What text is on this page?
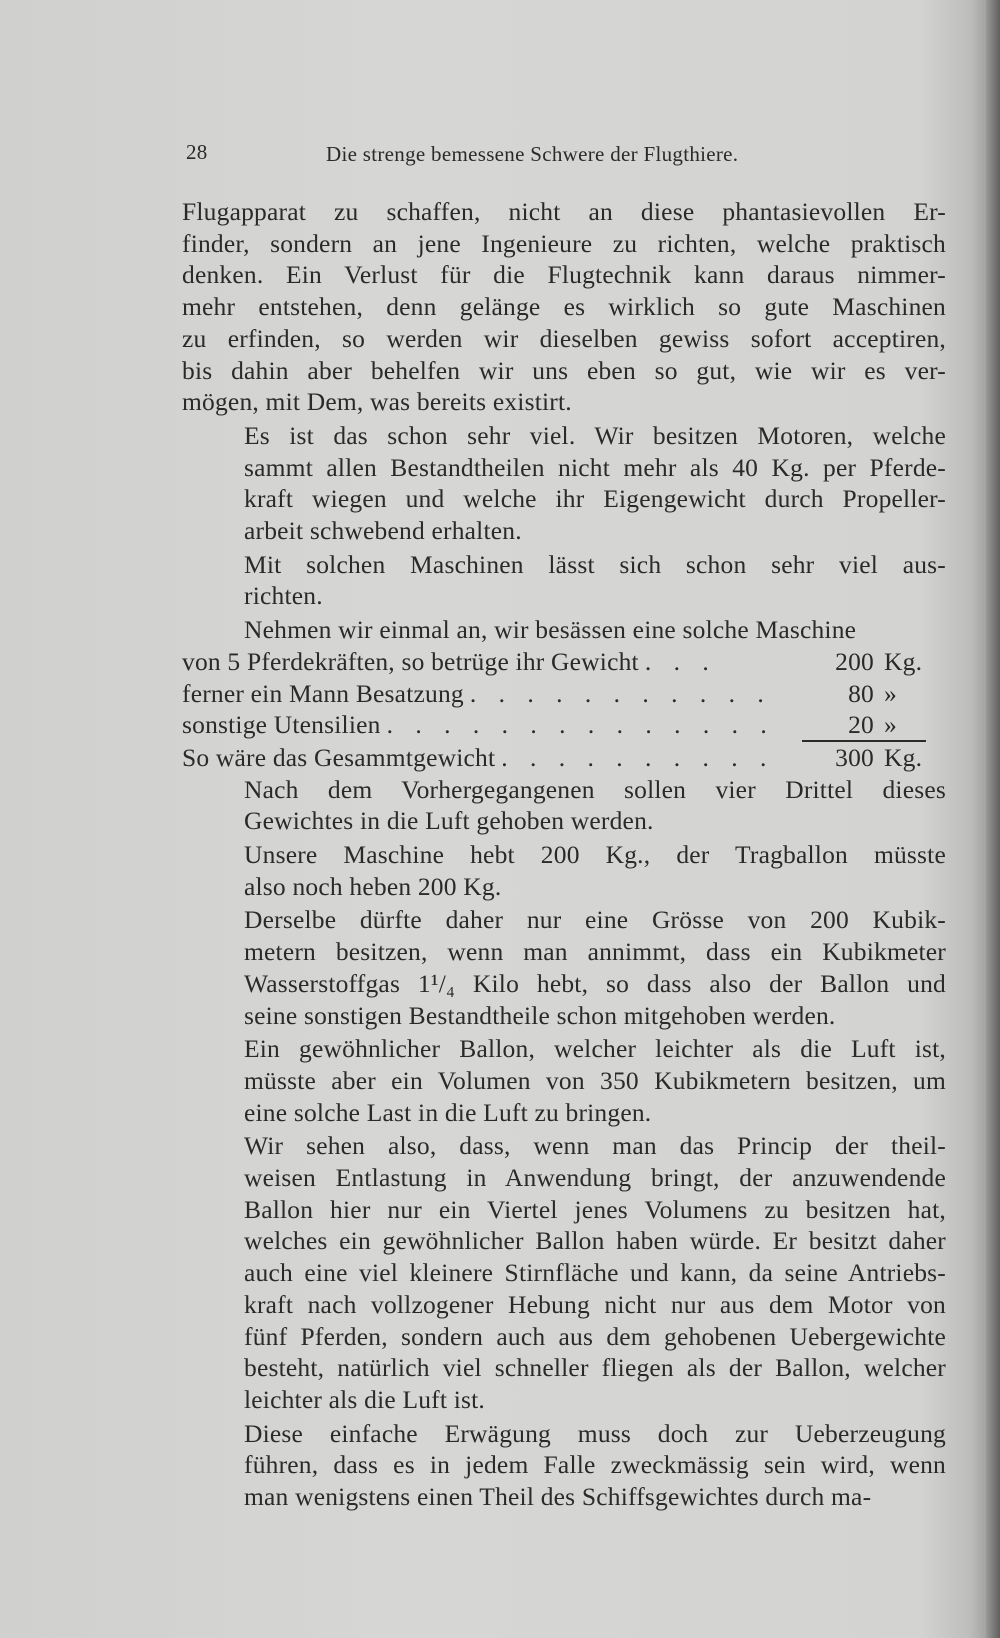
28	Die strenge bemessene Schwere der Flugthiere.
Flugapparat zu schaffen, nicht an diese phantasievollen Er-
finder, sondern an jene Ingenieure zu richten, welche praktisch
denken. Ein Verlust für die Flugtechnik kann daraus nimmer-
mehr entstehen, denn gelänge es wirklich so gute Maschinen
zu erfinden, so werden wir dieselben gewiss sofort acceptiren,
bis dahin aber behelfen wir uns eben so gut, wie wir es ver-
mögen, mit Dem, was bereits existirt.
Es ist das schon sehr viel. Wir besitzen Motoren, welche
sammt allen Bestandtheilen nicht mehr als 40 Kg. per Pferde-
kraft wiegen und welche ihr Eigengewicht durch Propeller-
arbeit schwebend erhalten.
Mit solchen Maschinen lässt sich schon sehr viel aus-
richten.
Nehmen wir einmal an, wir besässen eine solche Maschine
von 5 Pferdekräften, so betrüge ihr Gewicht . . .	200 Kg.
ferner ein Mann Besatzung . . . . . . . . . . .	80 »
sonstige Utensilien . . . . . . . . . . . . . .	20 »
So wäre das Gesammtgewicht . . . . . . . . . .	300 Kg.
Nach dem Vorhergegangenen sollen vier Drittel dieses
Gewichtes in die Luft gehoben werden.
Unsere Maschine hebt 200 Kg., der Tragballon müsste
also noch heben 200 Kg.
Derselbe dürfte daher nur eine Grösse von 200 Kubik-
metern besitzen, wenn man annimmt, dass ein Kubikmeter
Wasserstoffgas 1¹/₄ Kilo hebt, so dass also der Ballon und
seine sonstigen Bestandtheile schon mitgehoben werden.
Ein gewöhnlicher Ballon, welcher leichter als die Luft ist,
müsste aber ein Volumen von 350 Kubikmetern besitzen, um
eine solche Last in die Luft zu bringen.
Wir sehen also, dass, wenn man das Princip der theil-
weisen Entlastung in Anwendung bringt, der anzuwendende
Ballon hier nur ein Viertel jenes Volumens zu besitzen hat,
welches ein gewöhnlicher Ballon haben würde. Er besitzt daher
auch eine viel kleinere Stirnfläche und kann, da seine Antriebs-
kraft nach vollzogener Hebung nicht nur aus dem Motor von
fünf Pferden, sondern auch aus dem gehobenen Uebergewichte
besteht, natürlich viel schneller fliegen als der Ballon, welcher
leichter als die Luft ist.
Diese einfache Erwägung muss doch zur Ueberzeugung
führen, dass es in jedem Falle zweckmässig sein wird, wenn
man wenigstens einen Theil des Schiffsgewichtes durch ma-
